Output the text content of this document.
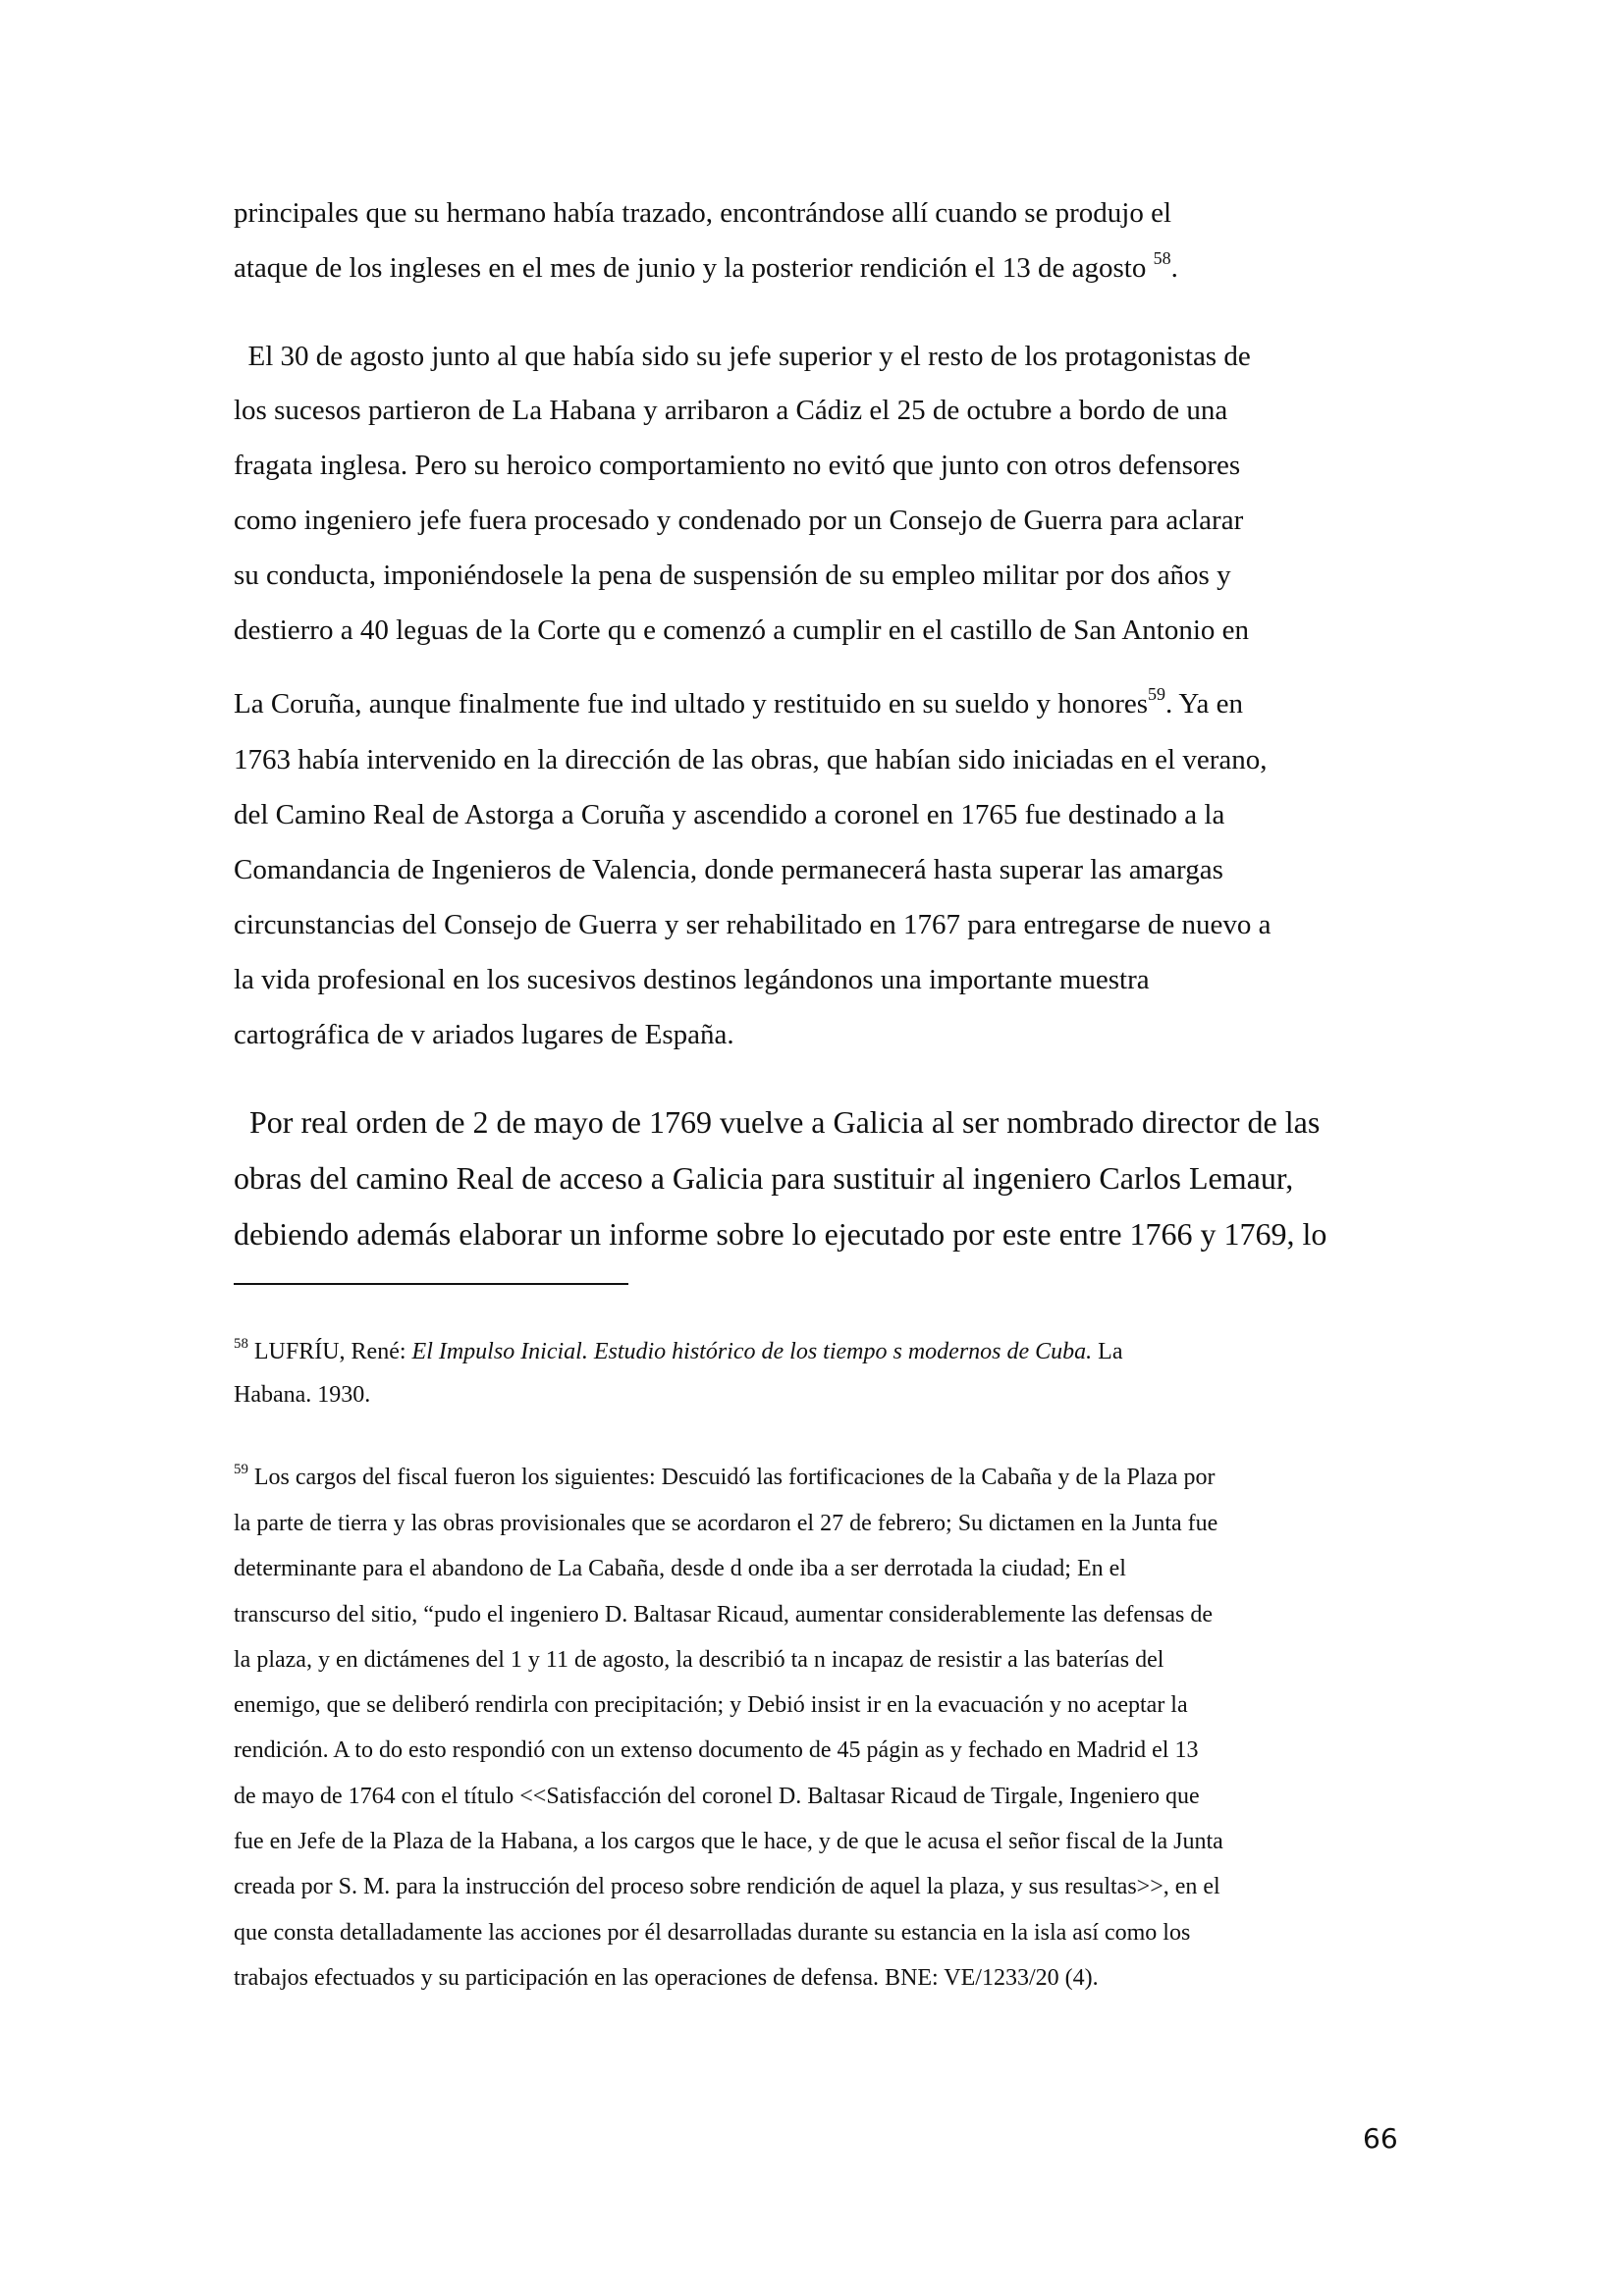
principales que su hermano había trazado, encontrándose allí cuando se produjo el
ataque de los ingleses en el mes de junio y la posterior rendición el 13 de agosto $^{58}$.
El 30 de agosto junto al que había sido su jefe superior y el resto de los protagonistas de
los sucesos partieron de La Habana y arribaron a Cádiz el 25 de octubre a bordo de una
fragata inglesa. Pero su heroico comportamiento no evitó que junto con otros defensores
como ingeniero jefe fuera procesado y condenado por un Consejo de Guerra para aclarar
su conducta, imponiéndosele la pena de suspensión de su empleo militar por dos años y
destierro a 40 leguas de la Corte qu e comenzó a cumplir en el castillo de San Antonio en
La Coruña, aunque finalmente fue ind ultado y restituido en su sueldo y honores$^{59}$. Ya en
1763 había intervenido en la dirección de las obras, que habían sido iniciadas en el verano,
del Camino Real de Astorga a Coruña y ascendido a coronel en 1765 fue destinado a la
Comandancia de Ingenieros de Valencia, donde permanecerá hasta superar las amargas
circunstancias del Consejo de Guerra y ser rehabilitado en 1767 para entregarse de nuevo a
la vida profesional en los sucesivos destinos legándonos una importante muestra
cartográfica de v ariados lugares de España.
Por real orden de 2 de mayo de 1769 vuelve a Galicia al ser nombrado director de las
obras del camino Real de acceso a Galicia para sustituir al ingeniero Carlos Lemaur,
debiendo además elaborar un informe sobre lo ejecutado por este entre 1766 y 1769, lo
$^{58}$ LUFRÍU, René: El Impulso Inicial. Estudio histórico de los tiempo s modernos de Cuba. La
Habana. 1930.
$^{59}$ Los cargos del fiscal fueron los siguientes: Descuidó las fortificaciones de la Cabaña y de la Plaza por
la parte de tierra y las obras provisionales que se acordaron el 27 de febrero; Su dictamen en la Junta fue
determinante para el abandono de La Cabaña, desde d onde iba a ser derrotada la ciudad; En el
transcurso del sitio, “pudo el ingeniero D. Baltasar Ricaud, aumentar considerablemente las defensas de
la plaza, y en dictámenes del 1 y 11 de agosto, la describió ta n incapaz de resistir a las baterías del
enemigo, que se deliberó rendirla con precipitación; y Debió insist ir en la evacuación y no aceptar la
rendición. A to do esto respondió con un extenso documento de 45 págin as y fechado en Madrid el 13
de mayo de 1764 con el título <<Satisfacción del coronel D. Baltasar Ricaud de Tirgale, Ingeniero que
fue en Jefe de la Plaza de la Habana, a los cargos que le hace, y de que le acusa el señor fiscal de la Junta
creada por S. M. para la instrucción del proceso sobre rendición de aquel la plaza, y sus resultas>>, en el
que consta detalladamente las acciones por él desarrolladas durante su estancia en la isla así como los
trabajos efectuados y su participación en las operaciones de defensa. BNE: VE/1233/20 (4).
66
